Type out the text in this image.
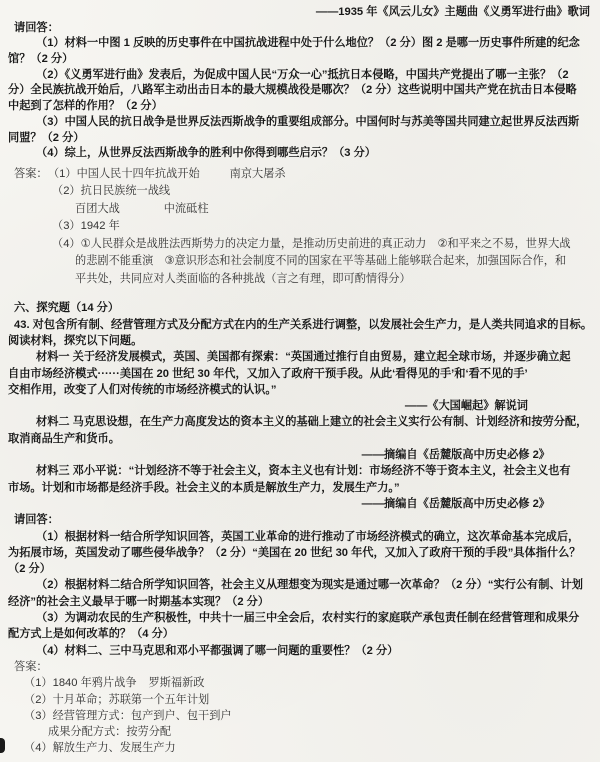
——1935 年《风云儿女》主题曲《义勇军进行曲》歌词
请回答：
（1）材料一中图 1 反映的历史事件在中国抗战进程中处于什么地位？（2 分）图 2 是哪一历史事件所建的纪念
馆？（2 分）
（2）《义勇军进行曲》发表后，为促成中国人民“万众一心”抵抗日本侵略，中国共产党提出了哪一主张？（2
分）全民族抗战开始后，八路军主动出击日本的最大规模战役是哪次？（2 分）这些说明中国共产党在抗击日本侵略
中起到了怎样的作用？（2 分）
（3）中国人民的抗日战争是世界反法西斯战争的重要组成部分。中国何时与苏美等国共同建立起世界反法西斯
同盟？（2 分）
（4）综上，从世界反法西斯战争的胜利中你得到哪些启示？（3 分）
答案： （1）中国人民十四年抗战开始	南京大屠杀
（2）抗日民族统一战线
百团大战	中流砥柱
（3）1942 年
（4）①人民群众是战胜法西斯势力的决定力量，是推动历史前进的真正动力　②和平来之不易，世界大战
的悲剧不能重演　③意识形态和社会制度不同的国家在平等基础上能够联合起来，加强国际合作，和
平共处，共同应对人类面临的各种挑战（言之有理，即可酌情得分）
六、探究题（14 分）
43. 对包含所有制、经营管理方式及分配方式在内的生产关系进行调整，以发展社会生产力，是人类共同追求的目标。
阅读材料，探究以下问题。
材料一 关于经济发展模式，英国、美国都有探索：“英国通过推行自由贸易，建立起全球市场，并逐步确立起
自由市场经济模式······美国在 20 世纪 30 年代，又加入了政府干预手段。从此‘看得见的手’和‘看不见的手’
交相作用，改变了人们对传统的市场经济模式的认识。”
——《大国崛起》解说词
材料二 马克思设想，在生产力高度发达的资本主义的基础上建立的社会主义实行公有制、计划经济和按劳分配，
取消商品生产和货币。
——摘编自《岳麓版高中历史必修 2》
材料三 邓小平说：“计划经济不等于社会主义，资本主义也有计划：市场经济不等于资本主义，社会主义也有
市场。计划和市场都是经济手段。社会主义的本质是解放生产力，发展生产力。”
——摘编自《岳麓版高中历史必修 2》
请回答：
（1）根据材料一结合所学知识回答，英国工业革命的进行推动了市场经济模式的确立，这次革命基本完成后，
为拓展市场，英国发动了哪些侵华战争？（2 分）“美国在 20 世纪 30 年代，又加入了政府干预的手段”具体指什么？
（2 分）
（2）根据材料二结合所学知识回答，社会主义从理想变为现实是通过哪一次革命？（2 分）“实行公有制、计划
经济”的社会主义最早于哪一时期基本实现？（2 分）
（3）为调动农民的生产积极性，中共十一届三中全会后，农村实行的家庭联产承包责任制在经营管理和成果分
配方式上是如何改革的？（4 分）
（4）材料二、三中马克思和邓小平都强调了哪一问题的重要性？（2 分）
答案：
（1）1840 年鸦片战争 罗斯福新政
（2）十月革命；苏联第一个五年计划
（3）经营管理方式：包产到户、包干到户
成果分配方式：按劳分配
（4）解放生产力、发展生产力
